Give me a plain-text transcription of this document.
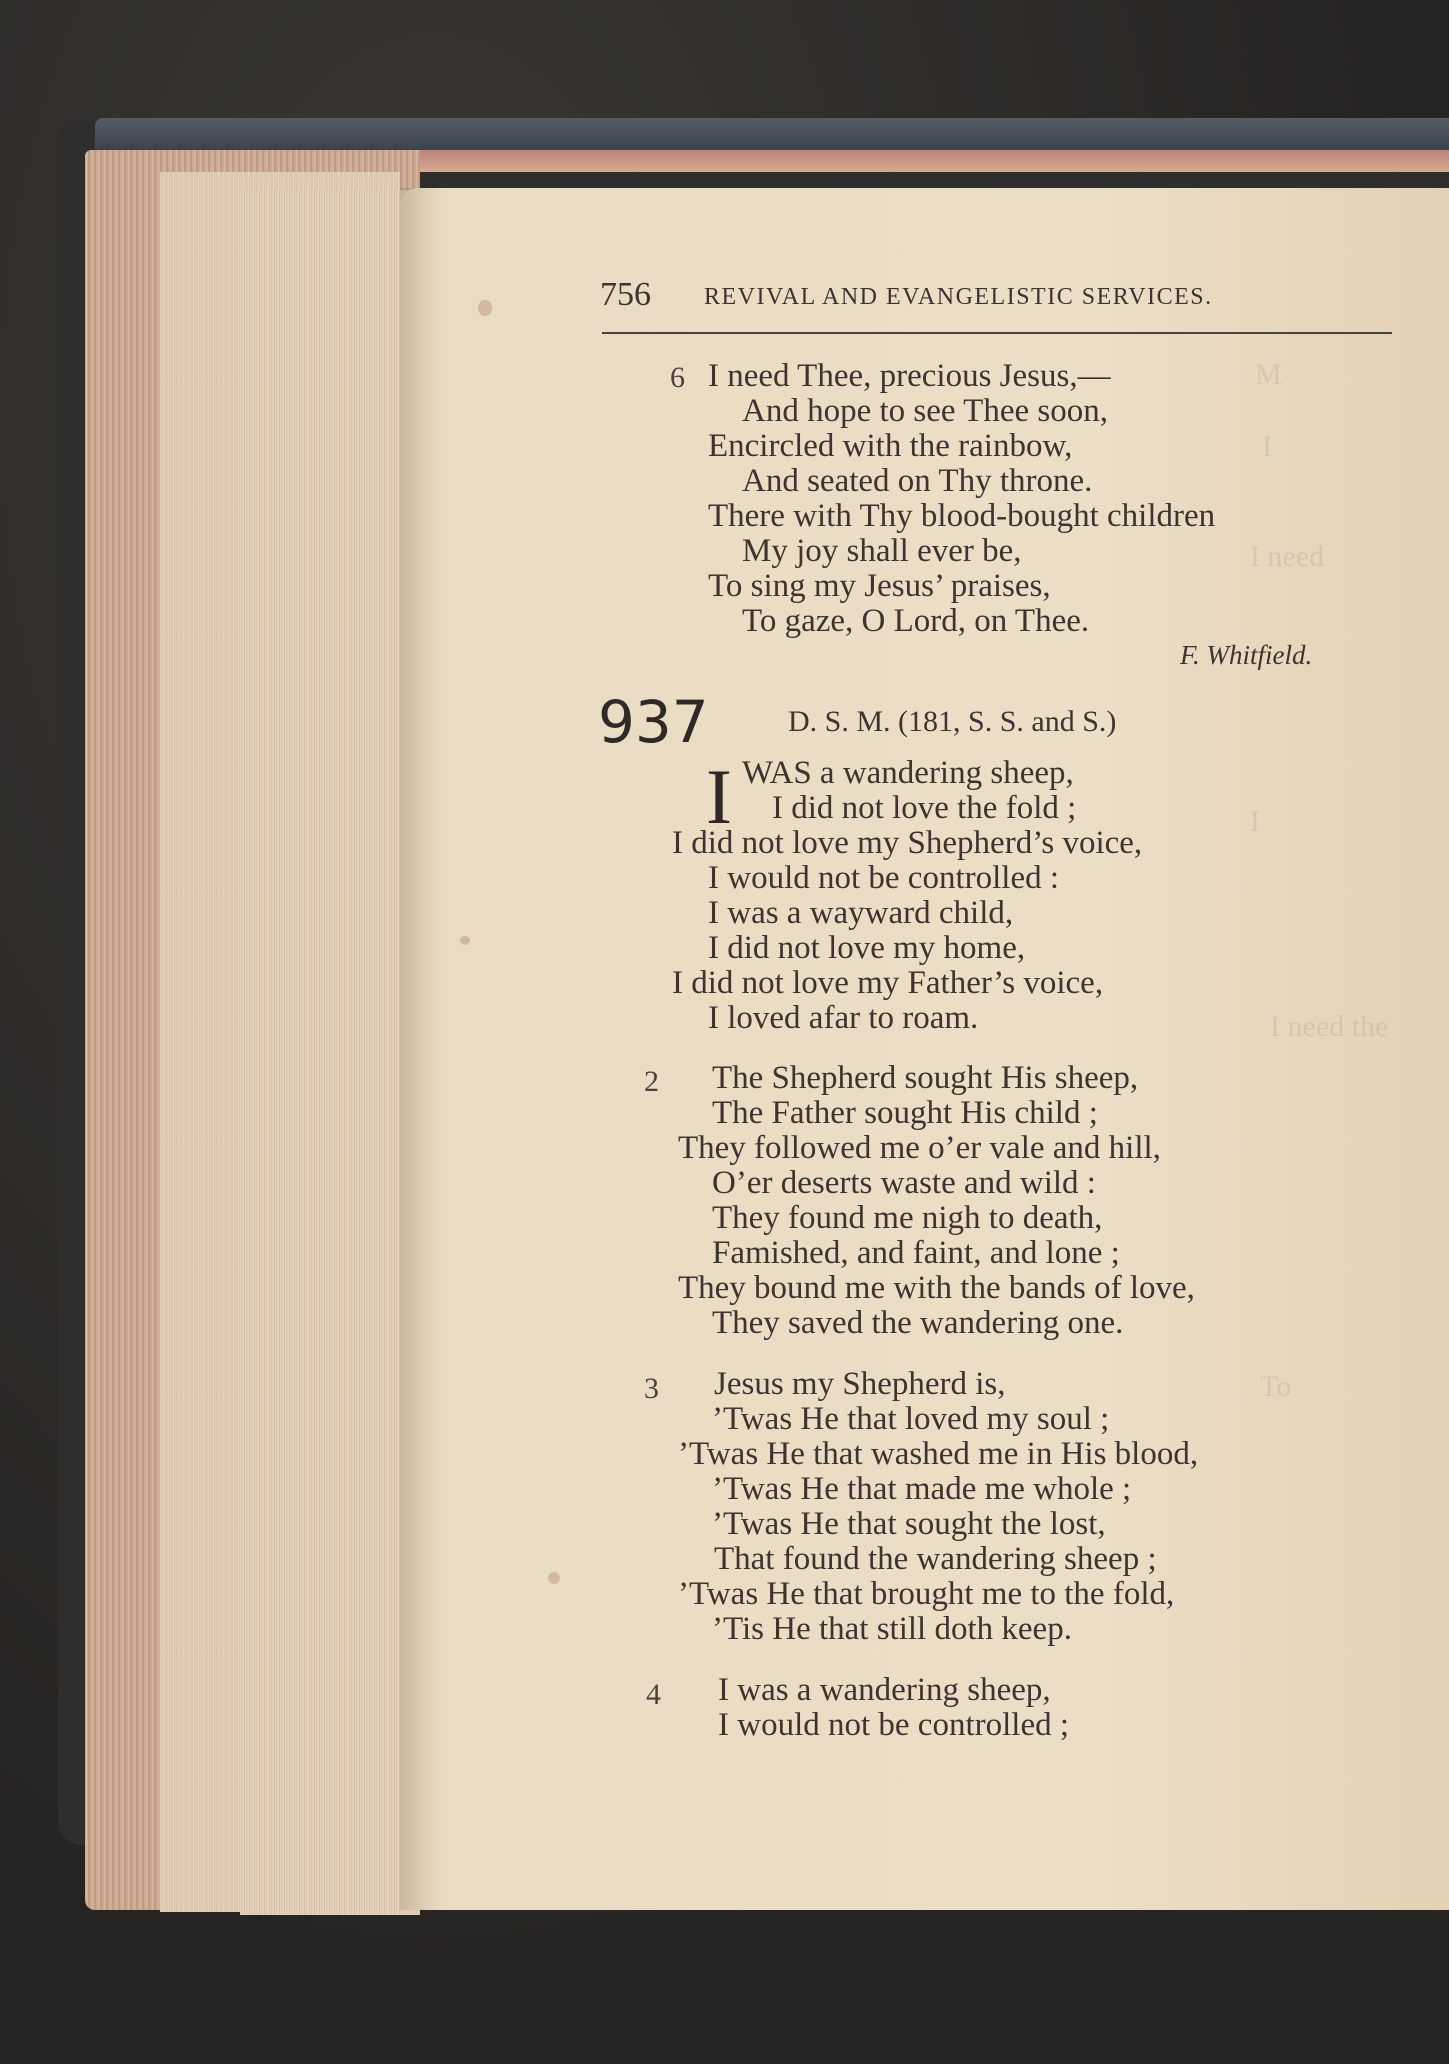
M
I
I need
I
I need the
To
756 REVIVAL AND EVANGELISTIC SERVICES.
6 I need Thee, precious Jesus,—
And hope to see Thee soon,
Encircled with the rainbow,
And seated on Thy throne.
There with Thy blood-bought children
My joy shall ever be,
To sing my Jesus’ praises,
To gaze, O Lord, on Thee.
F. Whitfield.
937	D. S. M. (181, S. S. and S.)
I WAS a wandering sheep,
I did not love the fold ;
I did not love my Shepherd’s voice,
I would not be controlled :
I was a wayward child,
I did not love my home,
I did not love my Father’s voice,
I loved afar to roam.
2 The Shepherd sought His sheep,
The Father sought His child ;
They followed me o’er vale and hill,
O’er deserts waste and wild :
They found me nigh to death,
Famished, and faint, and lone ;
They bound me with the bands of love,
They saved the wandering one.
3 Jesus my Shepherd is,
’Twas He that loved my soul ;
’Twas He that washed me in His blood,
’Twas He that made me whole ;
’Twas He that sought the lost,
That found the wandering sheep ;
’Twas He that brought me to the fold,
’Tis He that still doth keep.
4 I was a wandering sheep,
I would not be controlled ;
